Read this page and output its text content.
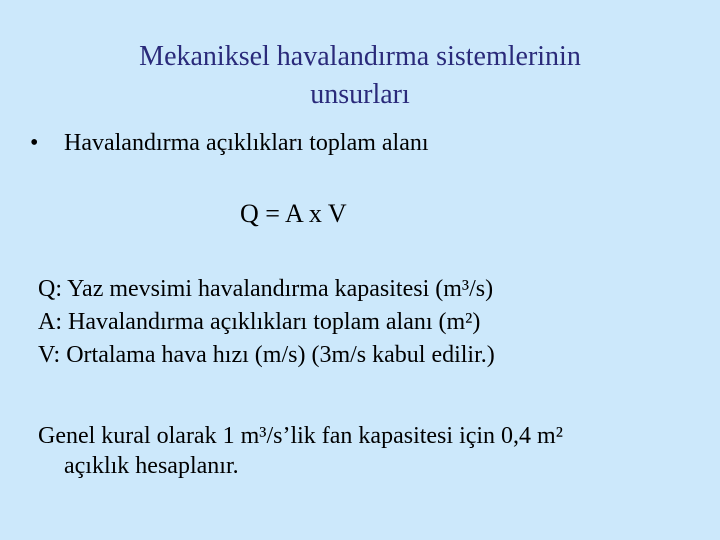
Mekaniksel havalandırma sistemlerinin
unsurları
• Havalandırma açıklıkları toplam alanı
Q = A x V
Q: Yaz mevsimi havalandırma kapasitesi (m³/s)
A: Havalandırma açıklıkları toplam alanı (m²)
V: Ortalama hava hızı (m/s) (3m/s kabul edilir.)
Genel kural olarak 1 m³/s’lik fan kapasitesi için 0,4 m²
açıklık hesaplanır.
